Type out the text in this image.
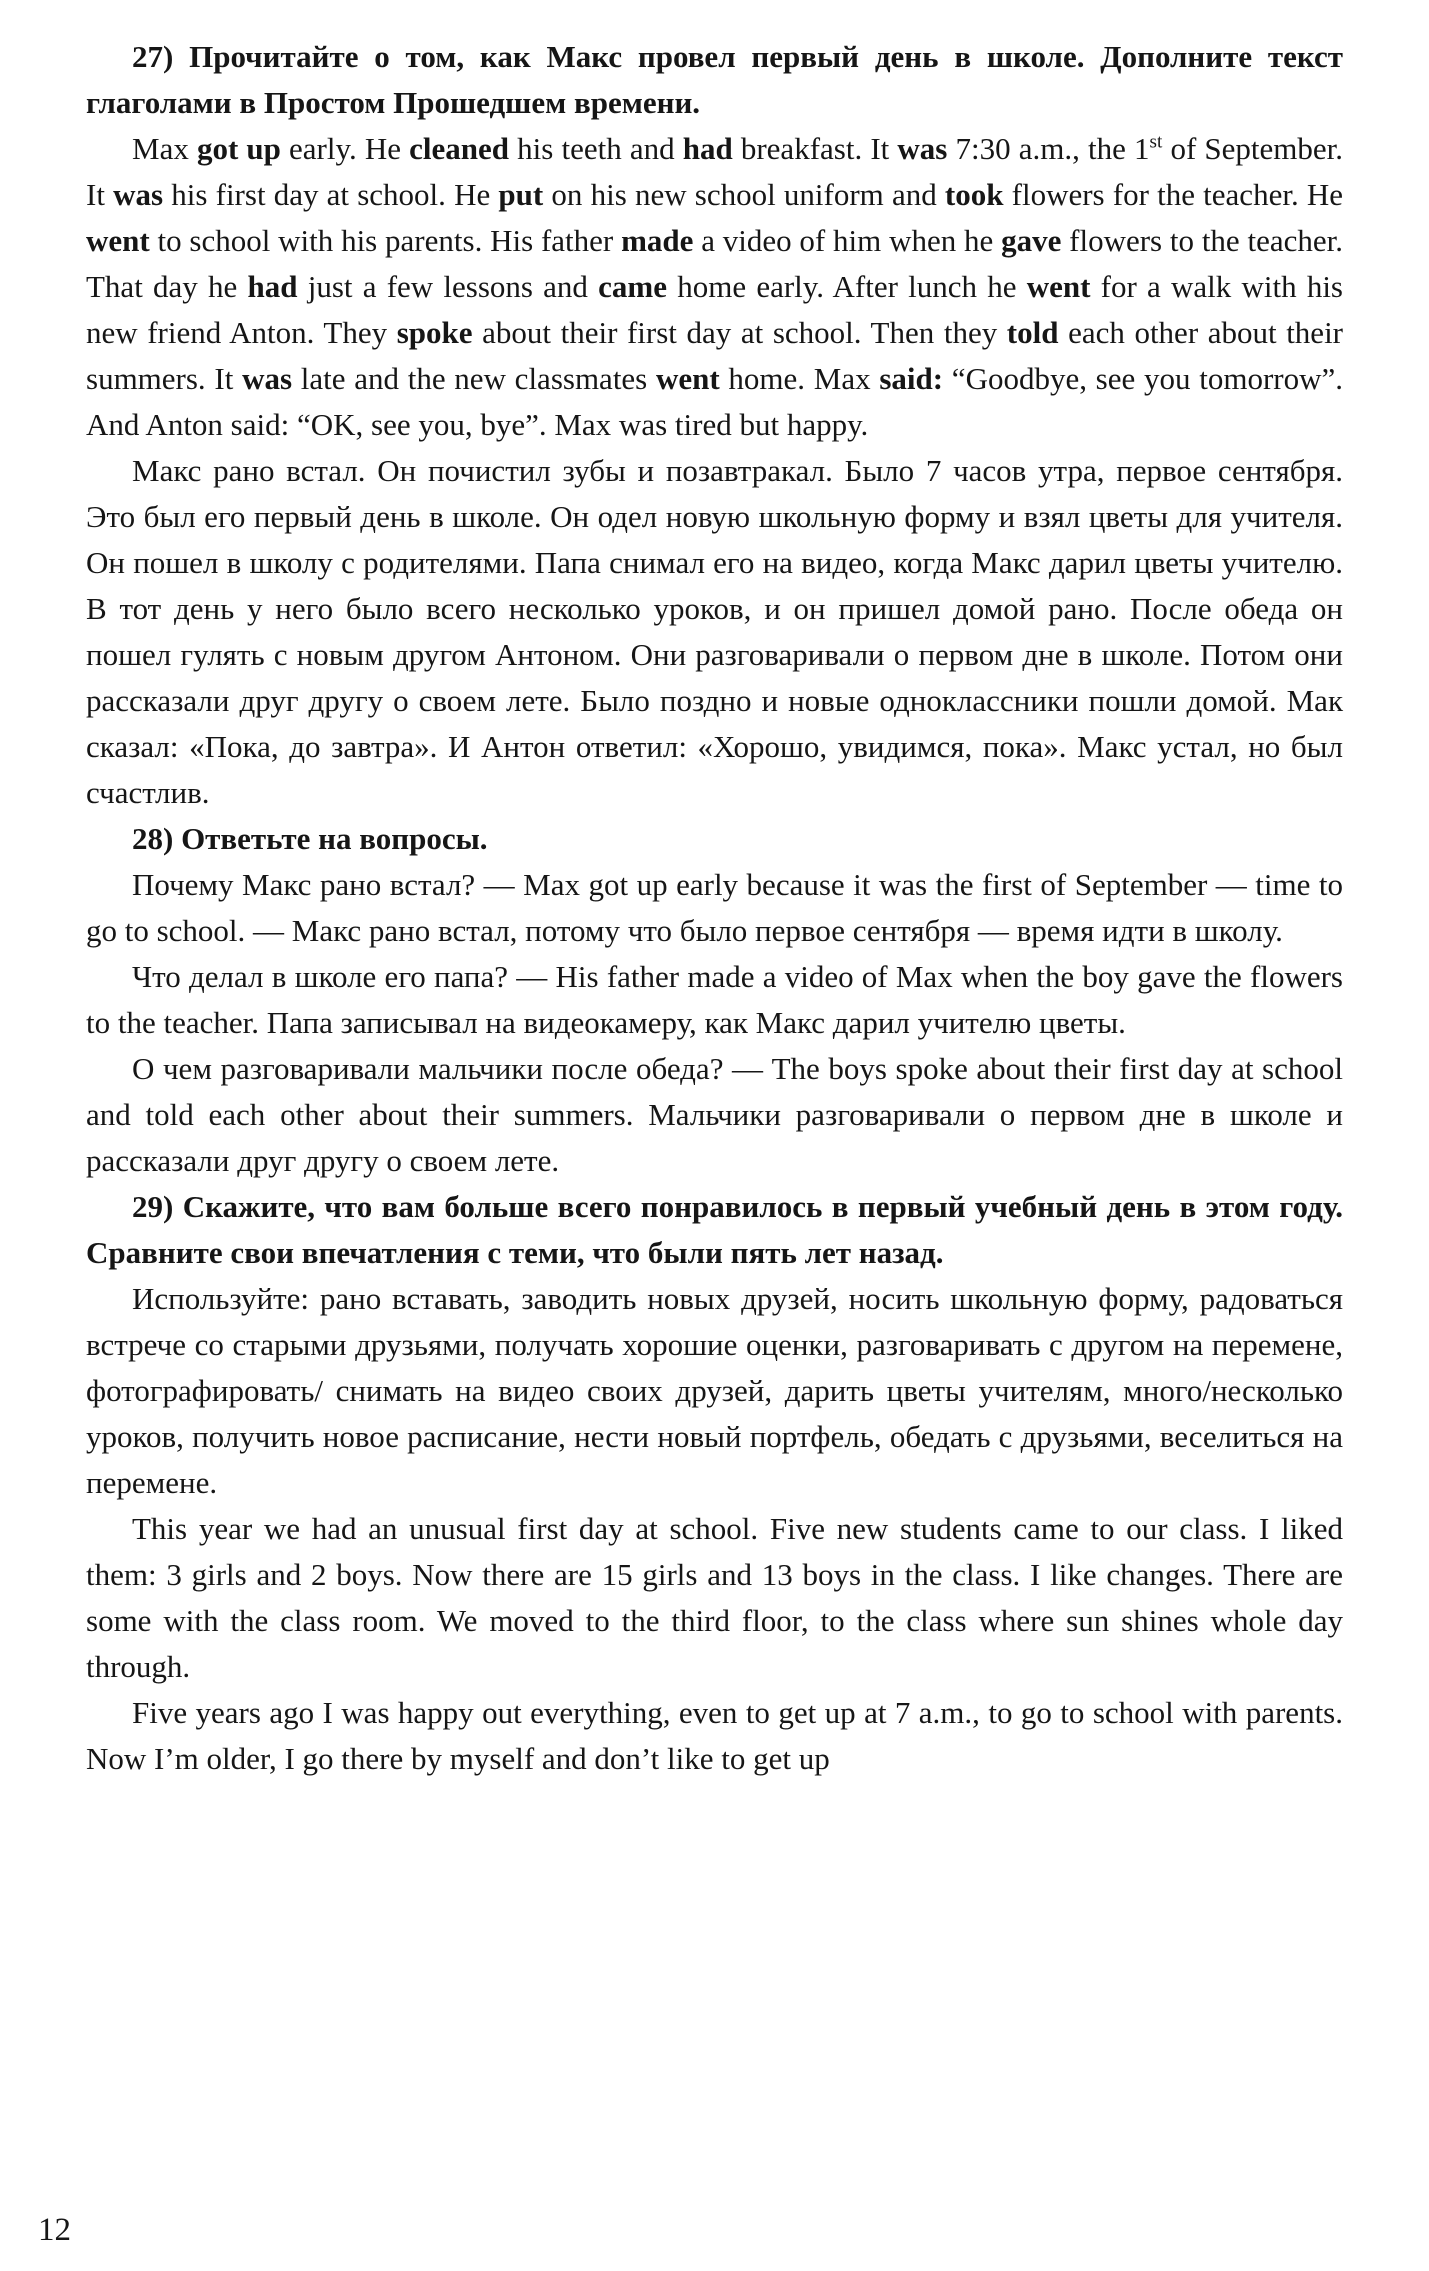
27) Прочитайте о том, как Макс провел первый день в школе. Дополните текст глаголами в Простом Прошедшем времени.

Max got up early. He cleaned his teeth and had breakfast. It was 7:30 a.m., the 1st of September. It was his first day at school. He put on his new school uniform and took flowers for the teacher. He went to school with his parents. His father made a video of him when he gave flowers to the teacher. That day he had just a few lessons and came home early. After lunch he went for a walk with his new friend Anton. They spoke about their first day at school. Then they told each other about their summers. It was late and the new classmates went home. Max said: “Goodbye, see you tomorrow”. And Anton said: “OK, see you, bye”. Max was tired but happy.

Макс рано встал. Он почистил зубы и позавтракал. Было 7 часов утра, первое сентября. Это был его первый день в школе. Он одел новую школьную форму и взял цветы для учителя. Он пошел в школу с родителями. Папа снимал его на видео, когда Макс дарил цветы учителю. В тот день у него было всего несколько уроков, и он пришел домой рано. После обеда он пошел гулять с новым другом Антоном. Они разговаривали о первом дне в школе. Потом они рассказали друг другу о своем лете. Было поздно и новые одноклассники пошли домой. Мак сказал: «Пока, до завтра». И Антон ответил: «Хорошо, увидимся, пока». Макс устал, но был счастлив.

28) Ответьте на вопросы.

Почему Макс рано встал? — Max got up early because it was the first of September — time to go to school. — Макс рано встал, потому что было первое сентября — время идти в школу.

Что делал в школе его папа? — His father made a video of Max when the boy gave the flowers to the teacher. Папа записывал на видеокамеру, как Макс дарил учителю цветы.

О чем разговаривали мальчики после обеда? — The boys spoke about their first day at school and told each other about their summers. Мальчики разговаривали о первом дне в школе и рассказали друг другу о своем лете.

29) Скажите, что вам больше всего понравилось в первый учебный день в этом году. Сравните свои впечатления с теми, что были пять лет назад.

Используйте: рано вставать, заводить новых друзей, носить школьную форму, радоваться встрече со старыми друзьями, получать хорошие оценки, разговаривать с другом на перемене, фотографировать/ снимать на видео своих друзей, дарить цветы учителям, много/несколько уроков, получить новое расписание, нести новый портфель, обедать с друзьями, веселиться на перемене.

This year we had an unusual first day at school. Five new students came to our class. I liked them: 3 girls and 2 boys. Now there are 15 girls and 13 boys in the class. I like changes. There are some with the class room. We moved to the third floor, to the class where sun shines whole day through.

Five years ago I was happy out everything, even to get up at 7 a.m., to go to school with parents. Now I’m older, I go there by myself and don’t like to get up

12
